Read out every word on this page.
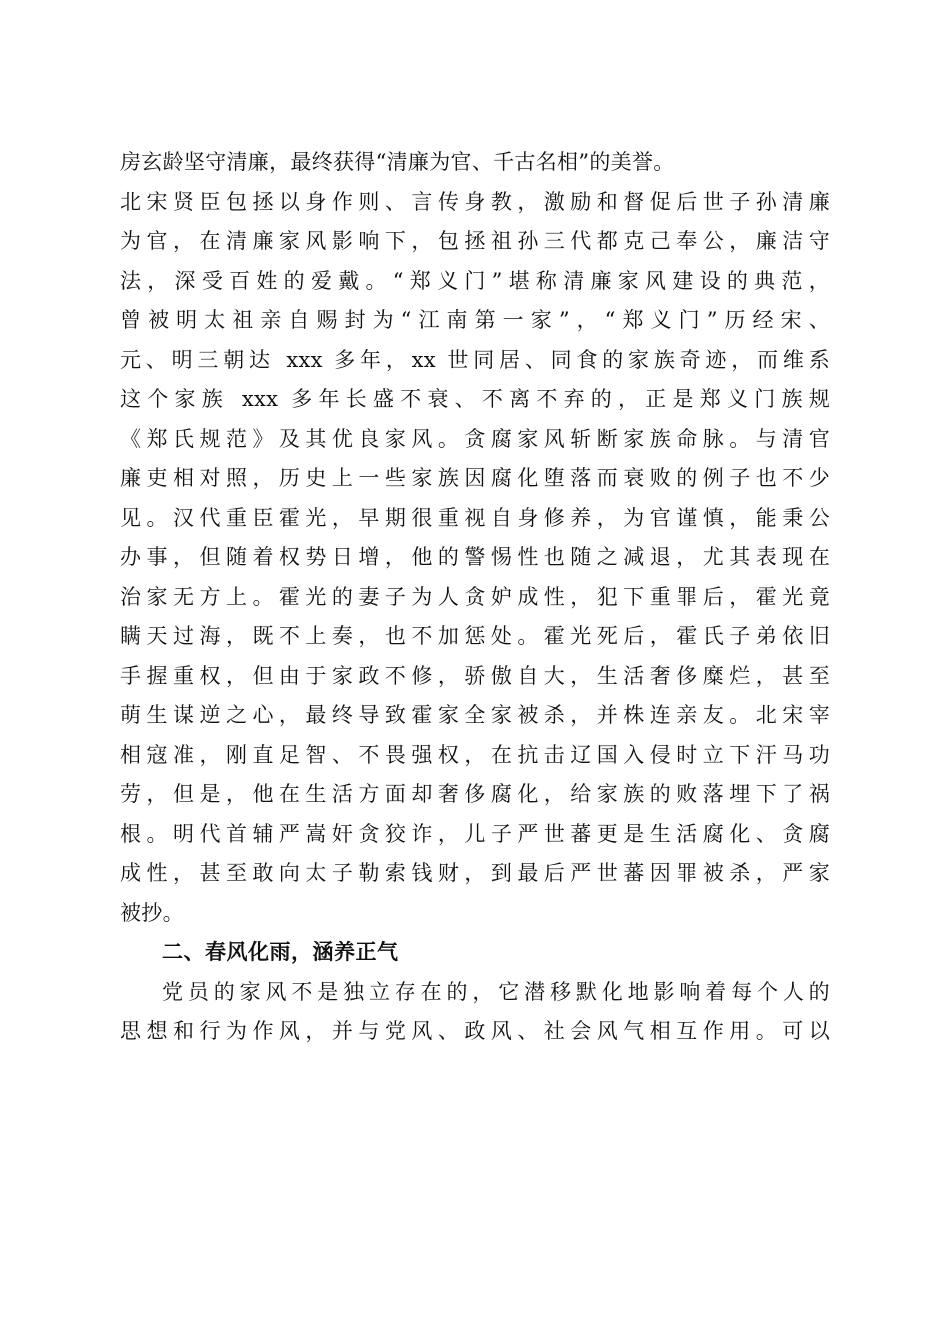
房玄龄坚守清廉，最终获得“清廉为官、千古名相”的美誉。
北宋贤臣包拯以身作则、言传身教，激励和督促后世子孙清廉
为官，在清廉家风影响下，包拯祖孙三代都克己奉公，廉洁守
法，深受百姓的爱戴。“郑义门”堪称清廉家风建设的典范，
曾被明太祖亲自赐封为“江南第一家”，“郑义门”历经宋、
元、明三朝达 xxx 多年，xx 世同居、同食的家族奇迹，而维系
这个家族 xxx 多年长盛不衰、不离不弃的，正是郑义门族规
《郑氏规范》及其优良家风。贪腐家风斩断家族命脉。与清官
廉吏相对照，历史上一些家族因腐化堕落而衰败的例子也不少
见。汉代重臣霍光，早期很重视自身修养，为官谨慎，能秉公
办事，但随着权势日增，他的警惕性也随之减退，尤其表现在
治家无方上。霍光的妻子为人贪妒成性，犯下重罪后，霍光竟
瞒天过海，既不上奏，也不加惩处。霍光死后，霍氏子弟依旧
手握重权，但由于家政不修，骄傲自大，生活奢侈糜烂，甚至
萌生谋逆之心，最终导致霍家全家被杀，并株连亲友。北宋宰
相寇准，刚直足智、不畏强权，在抗击辽国入侵时立下汗马功
劳，但是，他在生活方面却奢侈腐化，给家族的败落埋下了祸
根。明代首辅严嵩奸贪狡诈，儿子严世蕃更是生活腐化、贪腐
成性，甚至敢向太子勒索钱财，到最后严世蕃因罪被杀，严家
被抄。
二、春风化雨，涵养正气
党员的家风不是独立存在的，它潜移默化地影响着每个人的
思想和行为作风，并与党风、政风、社会风气相互作用。可以
